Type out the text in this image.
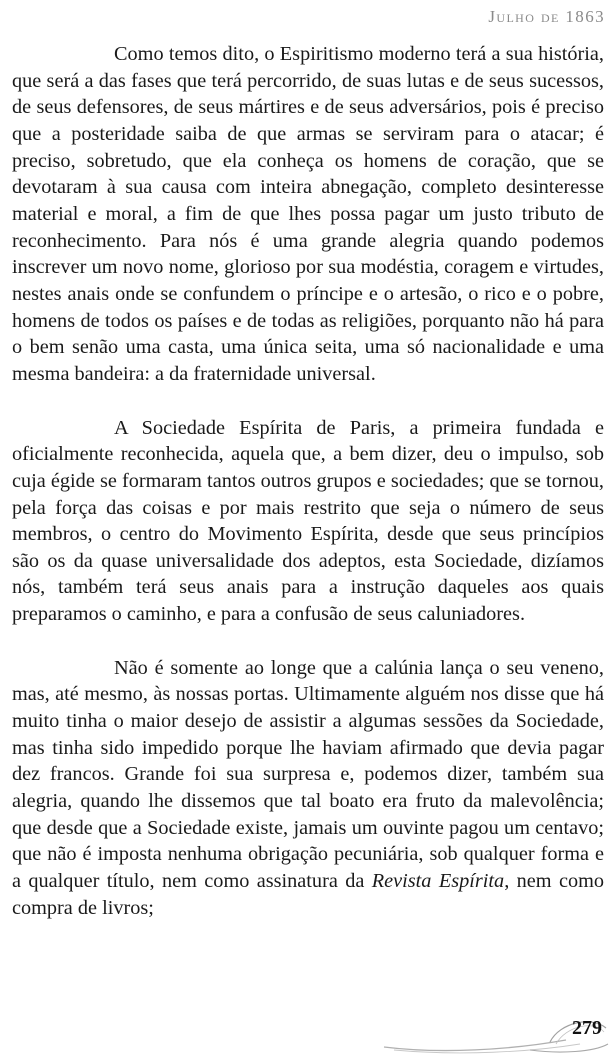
Julho de 1863

Como temos dito, o Espiritismo moderno terá a sua história, que será a das fases que terá percorrido, de suas lutas e de seus sucessos, de seus defensores, de seus mártires e de seus adversários, pois é preciso que a posteridade saiba de que armas se serviram para o atacar; é preciso, sobretudo, que ela conheça os homens de coração, que se devotaram à sua causa com inteira abnegação, completo desinteresse material e moral, a fim de que lhes possa pagar um justo tributo de reconhecimento. Para nós é uma grande alegria quando podemos inscrever um novo nome, glorioso por sua modéstia, coragem e virtudes, nestes anais onde se confundem o príncipe e o artesão, o rico e o pobre, homens de todos os países e de todas as religiões, porquanto não há para o bem senão uma casta, uma única seita, uma só nacionalidade e uma mesma bandeira: a da fraternidade universal.

A Sociedade Espírita de Paris, a primeira fundada e oficialmente reconhecida, aquela que, a bem dizer, deu o impulso, sob cuja égide se formaram tantos outros grupos e sociedades; que se tornou, pela força das coisas e por mais restrito que seja o número de seus membros, o centro do Movimento Espírita, desde que seus princípios são os da quase universalidade dos adeptos, esta Sociedade, dizíamos nós, também terá seus anais para a instrução daqueles aos quais preparamos o caminho, e para a confusão de seus caluniadores.

Não é somente ao longe que a calúnia lança o seu veneno, mas, até mesmo, às nossas portas. Ultimamente alguém nos disse que há muito tinha o maior desejo de assistir a algumas sessões da Sociedade, mas tinha sido impedido porque lhe haviam afirmado que devia pagar dez francos. Grande foi sua surpresa e, podemos dizer, também sua alegria, quando lhe dissemos que tal boato era fruto da malevolência; que desde que a Sociedade existe, jamais um ouvinte pagou um centavo; que não é imposta nenhuma obrigação pecuniária, sob qualquer forma e a qualquer título, nem como assinatura da Revista Espírita, nem como compra de livros;

279
